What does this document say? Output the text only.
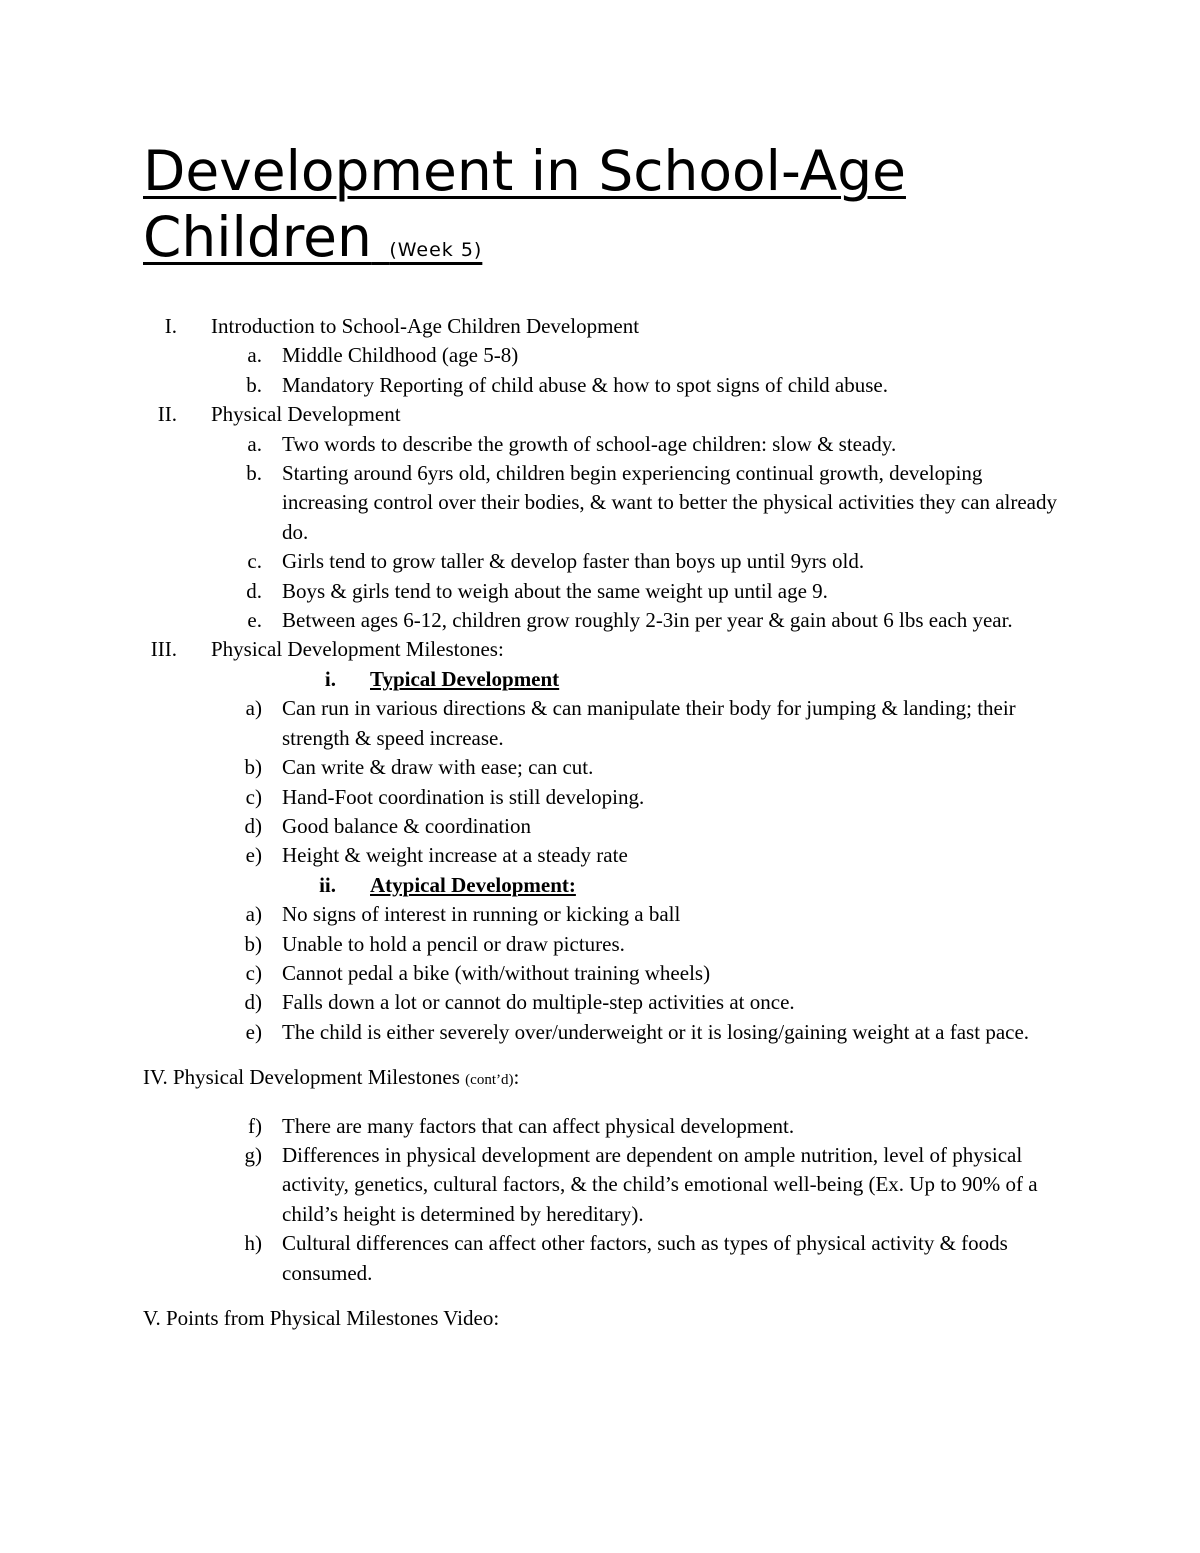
Development in School-Age Children (Week 5)
I. Introduction to School-Age Children Development
a. Middle Childhood (age 5-8)
b. Mandatory Reporting of child abuse & how to spot signs of child abuse.
II. Physical Development
a. Two words to describe the growth of school-age children: slow & steady.
b. Starting around 6yrs old, children begin experiencing continual growth, developing increasing control over their bodies, & want to better the physical activities they can already do.
c. Girls tend to grow taller & develop faster than boys up until 9yrs old.
d. Boys & girls tend to weigh about the same weight up until age 9.
e. Between ages 6-12, children grow roughly 2-3in per year & gain about 6 lbs each year.
III. Physical Development Milestones:
i. Typical Development
a) Can run in various directions & can manipulate their body for jumping & landing; their strength & speed increase.
b) Can write & draw with ease; can cut.
c) Hand-Foot coordination is still developing.
d) Good balance & coordination
e) Height & weight increase at a steady rate
ii. Atypical Development:
a) No signs of interest in running or kicking a ball
b) Unable to hold a pencil or draw pictures.
c) Cannot pedal a bike (with/without training wheels)
d) Falls down a lot or cannot do multiple-step activities at once.
e) The child is either severely over/underweight or it is losing/gaining weight at a fast pace.
IV. Physical Development Milestones (cont’d):
f) There are many factors that can affect physical development.
g) Differences in physical development are dependent on ample nutrition, level of physical activity, genetics, cultural factors, & the child’s emotional well-being (Ex. Up to 90% of a child’s height is determined by hereditary).
h) Cultural differences can affect other factors, such as types of physical activity & foods consumed.
V. Points from Physical Milestones Video:
